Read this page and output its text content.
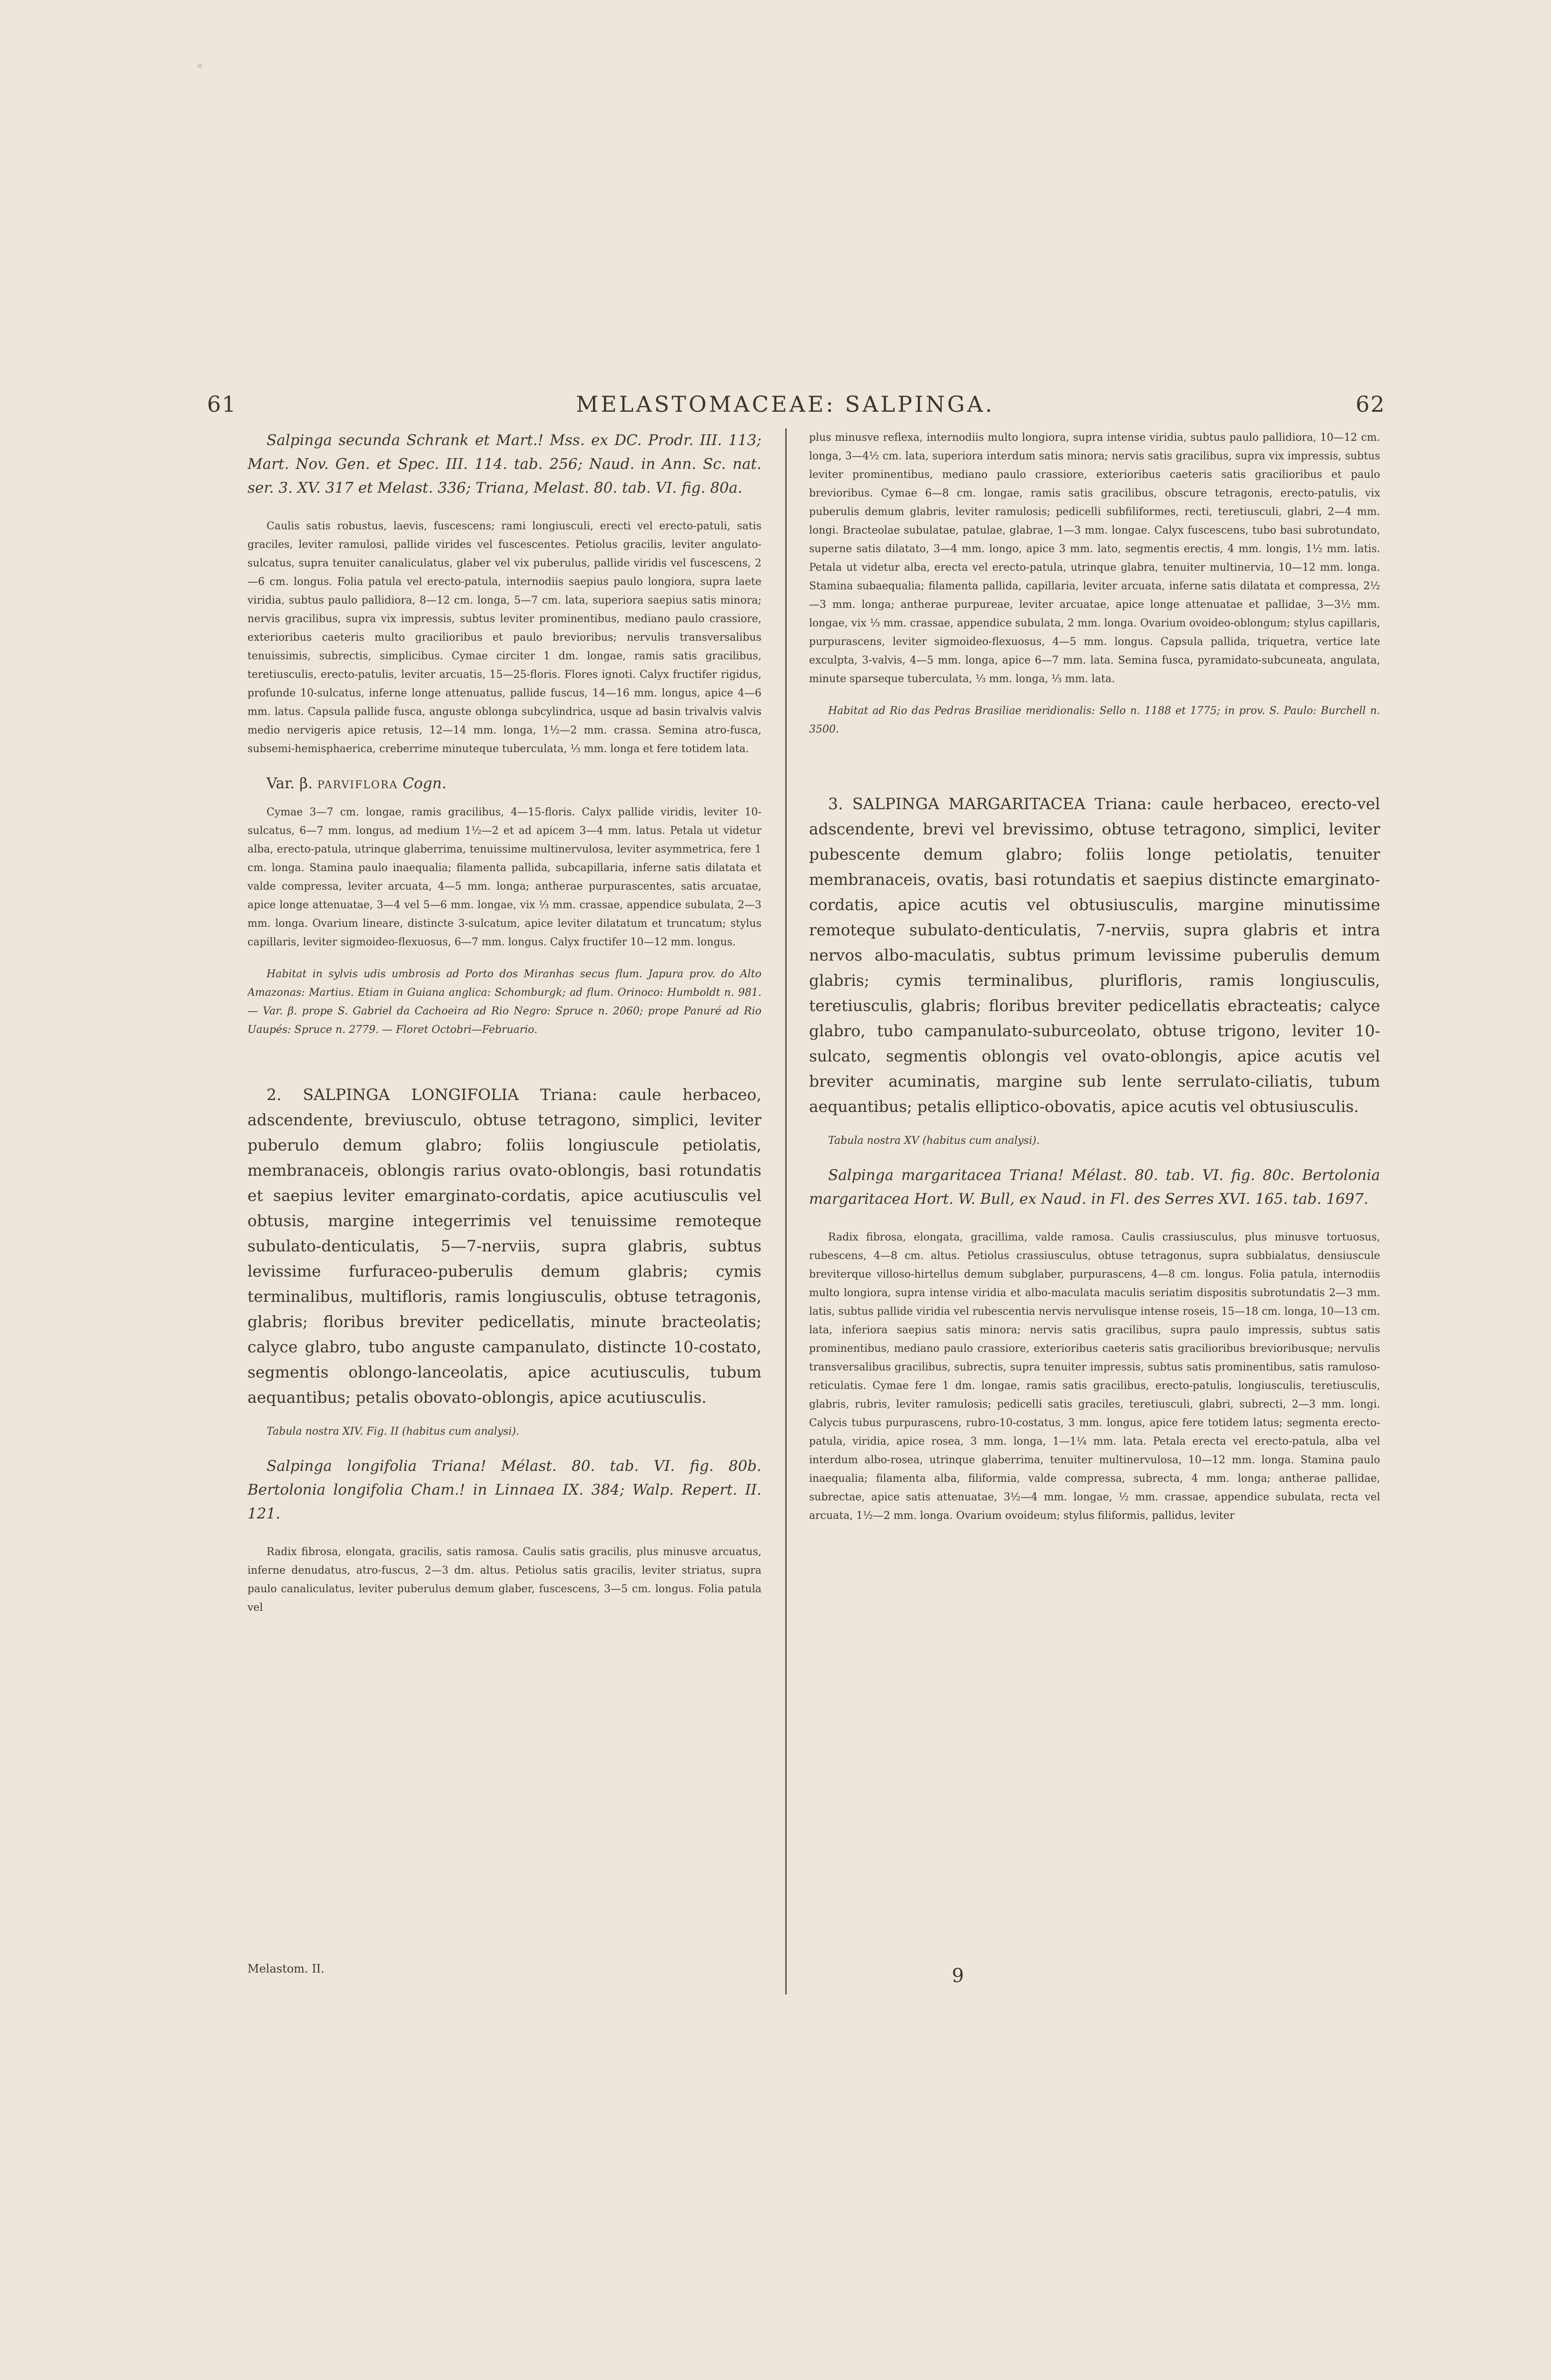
e
61	MELASTOMACEAE: SALPINGA.	62

Salpinga secunda Schrank et Mart.! Mss. ex DC. Prodr. III. 113; Mart. Nov. Gen. et Spec. III. 114. tab. 256; Naud. in Ann. Sc. nat. ser. 3. XV. 317 et Melast. 336; Triana, Melast. 80. tab. VI. fig. 80a.

Caulis satis robustus, laevis, fuscescens; rami longiusculi, erecti vel erecto-patuli, satis graciles, leviter ramulosi, pallide virides vel fuscescentes. Petiolus gracilis, leviter angulato-sulcatus, supra tenuiter canaliculatus, glaber vel vix puberulus, pallide viridis vel fuscescens, 2—6 cm. longus. Folia patula vel erecto-patula, internodiis saepius paulo longiora, supra laete viridia, subtus paulo pallidiora, 8—12 cm. longa, 5—7 cm. lata, superiora saepius satis minora; nervis gracilibus, supra vix impressis, subtus leviter prominentibus, mediano paulo crassiore, exterioribus caeteris multo gracilioribus et paulo brevioribus; nervulis transversalibus tenuissimis, subrectis, simplicibus. Cymae circiter 1 dm. longae, ramis satis gracilibus, teretiusculis, erecto-patulis, leviter arcuatis, 15—25-floris. Flores ignoti. Calyx fructifer rigidus, profunde 10-sulcatus, inferne longe attenuatus, pallide fuscus, 14—16 mm. longus, apice 4—6 mm. latus. Capsula pallide fusca, anguste oblonga subcylindrica, usque ad basin trivalvis valvis medio nervigeris apice retusis, 12—14 mm. longa, 1½—2 mm. crassa. Semina atro-fusca, subsemi-hemisphaerica, creberrime minuteque tuberculata, ⅓ mm. longa et fere totidem lata.

Var. β. PARVIFLORA Cogn.

Cymae 3—7 cm. longae, ramis gracilibus, 4—15-floris. Calyx pallide viridis, leviter 10-sulcatus, 6—7 mm. longus, ad medium 1½—2 et ad apicem 3—4 mm. latus. Petala ut videtur alba, erecto-patula, utrinque glaberrima, tenuissime multinervulosa, leviter asymmetrica, fere 1 cm. longa. Stamina paulo inaequalia; filamenta pallida, subcapillaria, inferne satis dilatata et valde compressa, leviter arcuata, 4—5 mm. longa; antherae purpurascentes, satis arcuatae, apice longe attenuatae, 3—4 vel 5—6 mm. longae, vix ⅓ mm. crassae, appendice subulata, 2—3 mm. longa. Ovarium lineare, distincte 3-sulcatum, apice leviter dilatatum et truncatum; stylus capillaris, leviter sigmoideo-flexuosus, 6—7 mm. longus. Calyx fructifer 10—12 mm. longus.

Habitat in sylvis udis umbrosis ad Porto dos Miranhas secus flum. Japura prov. do Alto Amazonas: Martius. Etiam in Guiana anglica: Schomburgk; ad flum. Orinoco: Humboldt n. 981. — Var. β. prope S. Gabriel da Cachoeira ad Rio Negro: Spruce n. 2060; prope Panuré ad Rio Uaupés: Spruce n. 2779. — Floret Octobri—Februario.

2. SALPINGA LONGIFOLIA Triana: caule herbaceo, adscendente, breviusculo, obtuse tetragono, simplici, leviter puberulo demum glabro; foliis longiuscule petiolatis, membranaceis, oblongis rarius ovato-oblongis, basi rotundatis et saepius leviter emarginato-cordatis, apice acutiusculis vel obtusis, margine integerrimis vel tenuissime remoteque subulato-denticulatis, 5—7-nerviis, supra glabris, subtus levissime furfuraceo-puberulis demum glabris; cymis terminalibus, multifloris, ramis longiusculis, obtuse tetragonis, glabris; floribus breviter pedicellatis, minute bracteolatis; calyce glabro, tubo anguste campanulato, distincte 10-costato, segmentis oblongo-lanceolatis, apice acutiusculis, tubum aequantibus; petalis obovato-oblongis, apice acutiusculis.

Tabula nostra XIV. Fig. II (habitus cum analysi).

Salpinga longifolia Triana! Mélast. 80. tab. VI. fig. 80b. Bertolonia longifolia Cham.! in Linnaea IX. 384; Walp. Repert. II. 121.

Radix fibrosa, elongata, gracilis, satis ramosa. Caulis satis gracilis, plus minusve arcuatus, inferne denudatus, atro-fuscus, 2—3 dm. altus. Petiolus satis gracilis, leviter striatus, supra paulo canaliculatus, leviter puberulus demum glaber, fuscescens, 3—5 cm. longus. Folia patula vel

plus minusve reflexa, internodiis multo longiora, supra intense viridia, subtus paulo pallidiora, 10—12 cm. longa, 3—4½ cm. lata, superiora interdum satis minora; nervis satis gracilibus, supra vix impressis, subtus leviter prominentibus, mediano paulo crassiore, exterioribus caeteris satis gracilioribus et paulo brevioribus. Cymae 6—8 cm. longae, ramis satis gracilibus, obscure tetragonis, erecto-patulis, vix puberulis demum glabris, leviter ramulosis; pedicelli subfiliformes, recti, teretiusculi, glabri, 2—4 mm. longi. Bracteolae subulatae, patulae, glabrae, 1—3 mm. longae. Calyx fuscescens, tubo basi subrotundato, superne satis dilatato, 3—4 mm. longo, apice 3 mm. lato, segmentis erectis, 4 mm. longis, 1½ mm. latis. Petala ut videtur alba, erecta vel erecto-patula, utrinque glabra, tenuiter multinervia, 10—12 mm. longa. Stamina subaequalia; filamenta pallida, capillaria, leviter arcuata, inferne satis dilatata et compressa, 2½—3 mm. longa; antherae purpureae, leviter arcuatae, apice longe attenuatae et pallidae, 3—3½ mm. longae, vix ⅓ mm. crassae, appendice subulata, 2 mm. longa. Ovarium ovoideo-oblongum; stylus capillaris, purpurascens, leviter sigmoideo-flexuosus, 4—5 mm. longus. Capsula pallida, triquetra, vertice late exculpta, 3-valvis, 4—5 mm. longa, apice 6—7 mm. lata. Semina fusca, pyramidato-subcuneata, angulata, minute sparseque tuberculata, ⅓ mm. longa, ⅓ mm. lata.

Habitat ad Rio das Pedras Brasiliae meridionalis: Sello n. 1188 et 1775; in prov. S. Paulo: Burchell n. 3500.

3. SALPINGA MARGARITACEA Triana: caule herbaceo, erecto-vel adscendente, brevi vel brevissimo, obtuse tetragono, simplici, leviter pubescente demum glabro; foliis longe petiolatis, tenuiter membranaceis, ovatis, basi rotundatis et saepius distincte emarginato-cordatis, apice acutis vel obtusiusculis, margine minutissime remoteque subulato-denticulatis, 7-nerviis, supra glabris et intra nervos albo-maculatis, subtus primum levissime puberulis demum glabris; cymis terminalibus, plurifloris, ramis longiusculis, teretiusculis, glabris; floribus breviter pedicellatis ebracteatis; calyce glabro, tubo campanulato-suburceolato, obtuse trigono, leviter 10-sulcato, segmentis oblongis vel ovato-oblongis, apice acutis vel breviter acuminatis, margine sub lente serrulato-ciliatis, tubum aequantibus; petalis elliptico-obovatis, apice acutis vel obtusiusculis.

Tabula nostra XV (habitus cum analysi).

Salpinga margaritacea Triana! Mélast. 80. tab. VI. fig. 80c. Bertolonia margaritacea Hort. W. Bull, ex Naud. in Fl. des Serres XVI. 165. tab. 1697.

Radix fibrosa, elongata, gracillima, valde ramosa. Caulis crassiusculus, plus minusve tortuosus, rubescens, 4—8 cm. altus. Petiolus crassiusculus, obtuse tetragonus, supra subbialatus, densiuscule breviterque villoso-hirtellus demum subglaber, purpurascens, 4—8 cm. longus. Folia patula, internodiis multo longiora, supra intense viridia et albo-maculata maculis seriatim dispositis subrotundatis 2—3 mm. latis, subtus pallide viridia vel rubescentia nervis nervulisque intense roseis, 15—18 cm. longa, 10—13 cm. lata, inferiora saepius satis minora; nervis satis gracilibus, supra paulo impressis, subtus satis prominentibus, mediano paulo crassiore, exterioribus caeteris satis gracilioribus brevioribusque; nervulis transversalibus gracilibus, subrectis, supra tenuiter impressis, subtus satis prominentibus, satis ramuloso-reticulatis. Cymae fere 1 dm. longae, ramis satis gracilibus, erecto-patulis, longiusculis, teretiusculis, glabris, rubris, leviter ramulosis; pedicelli satis graciles, teretiusculi, glabri, subrecti, 2—3 mm. longi. Calycis tubus purpurascens, rubro-10-costatus, 3 mm. longus, apice fere totidem latus; segmenta erecto-patula, viridia, apice rosea, 3 mm. longa, 1—1¼ mm. lata. Petala erecta vel erecto-patula, alba vel interdum albo-rosea, utrinque glaberrima, tenuiter multinervulosa, 10—12 mm. longa. Stamina paulo inaequalia; filamenta alba, filiformia, valde compressa, subrecta, 4 mm. longa; antherae pallidae, subrectae, apice satis attenuatae, 3½—4 mm. longae, ½ mm. crassae, appendice subulata, recta vel arcuata, 1½—2 mm. longa. Ovarium ovoideum; stylus filiformis, pallidus, leviter

Melastom. II.	9
